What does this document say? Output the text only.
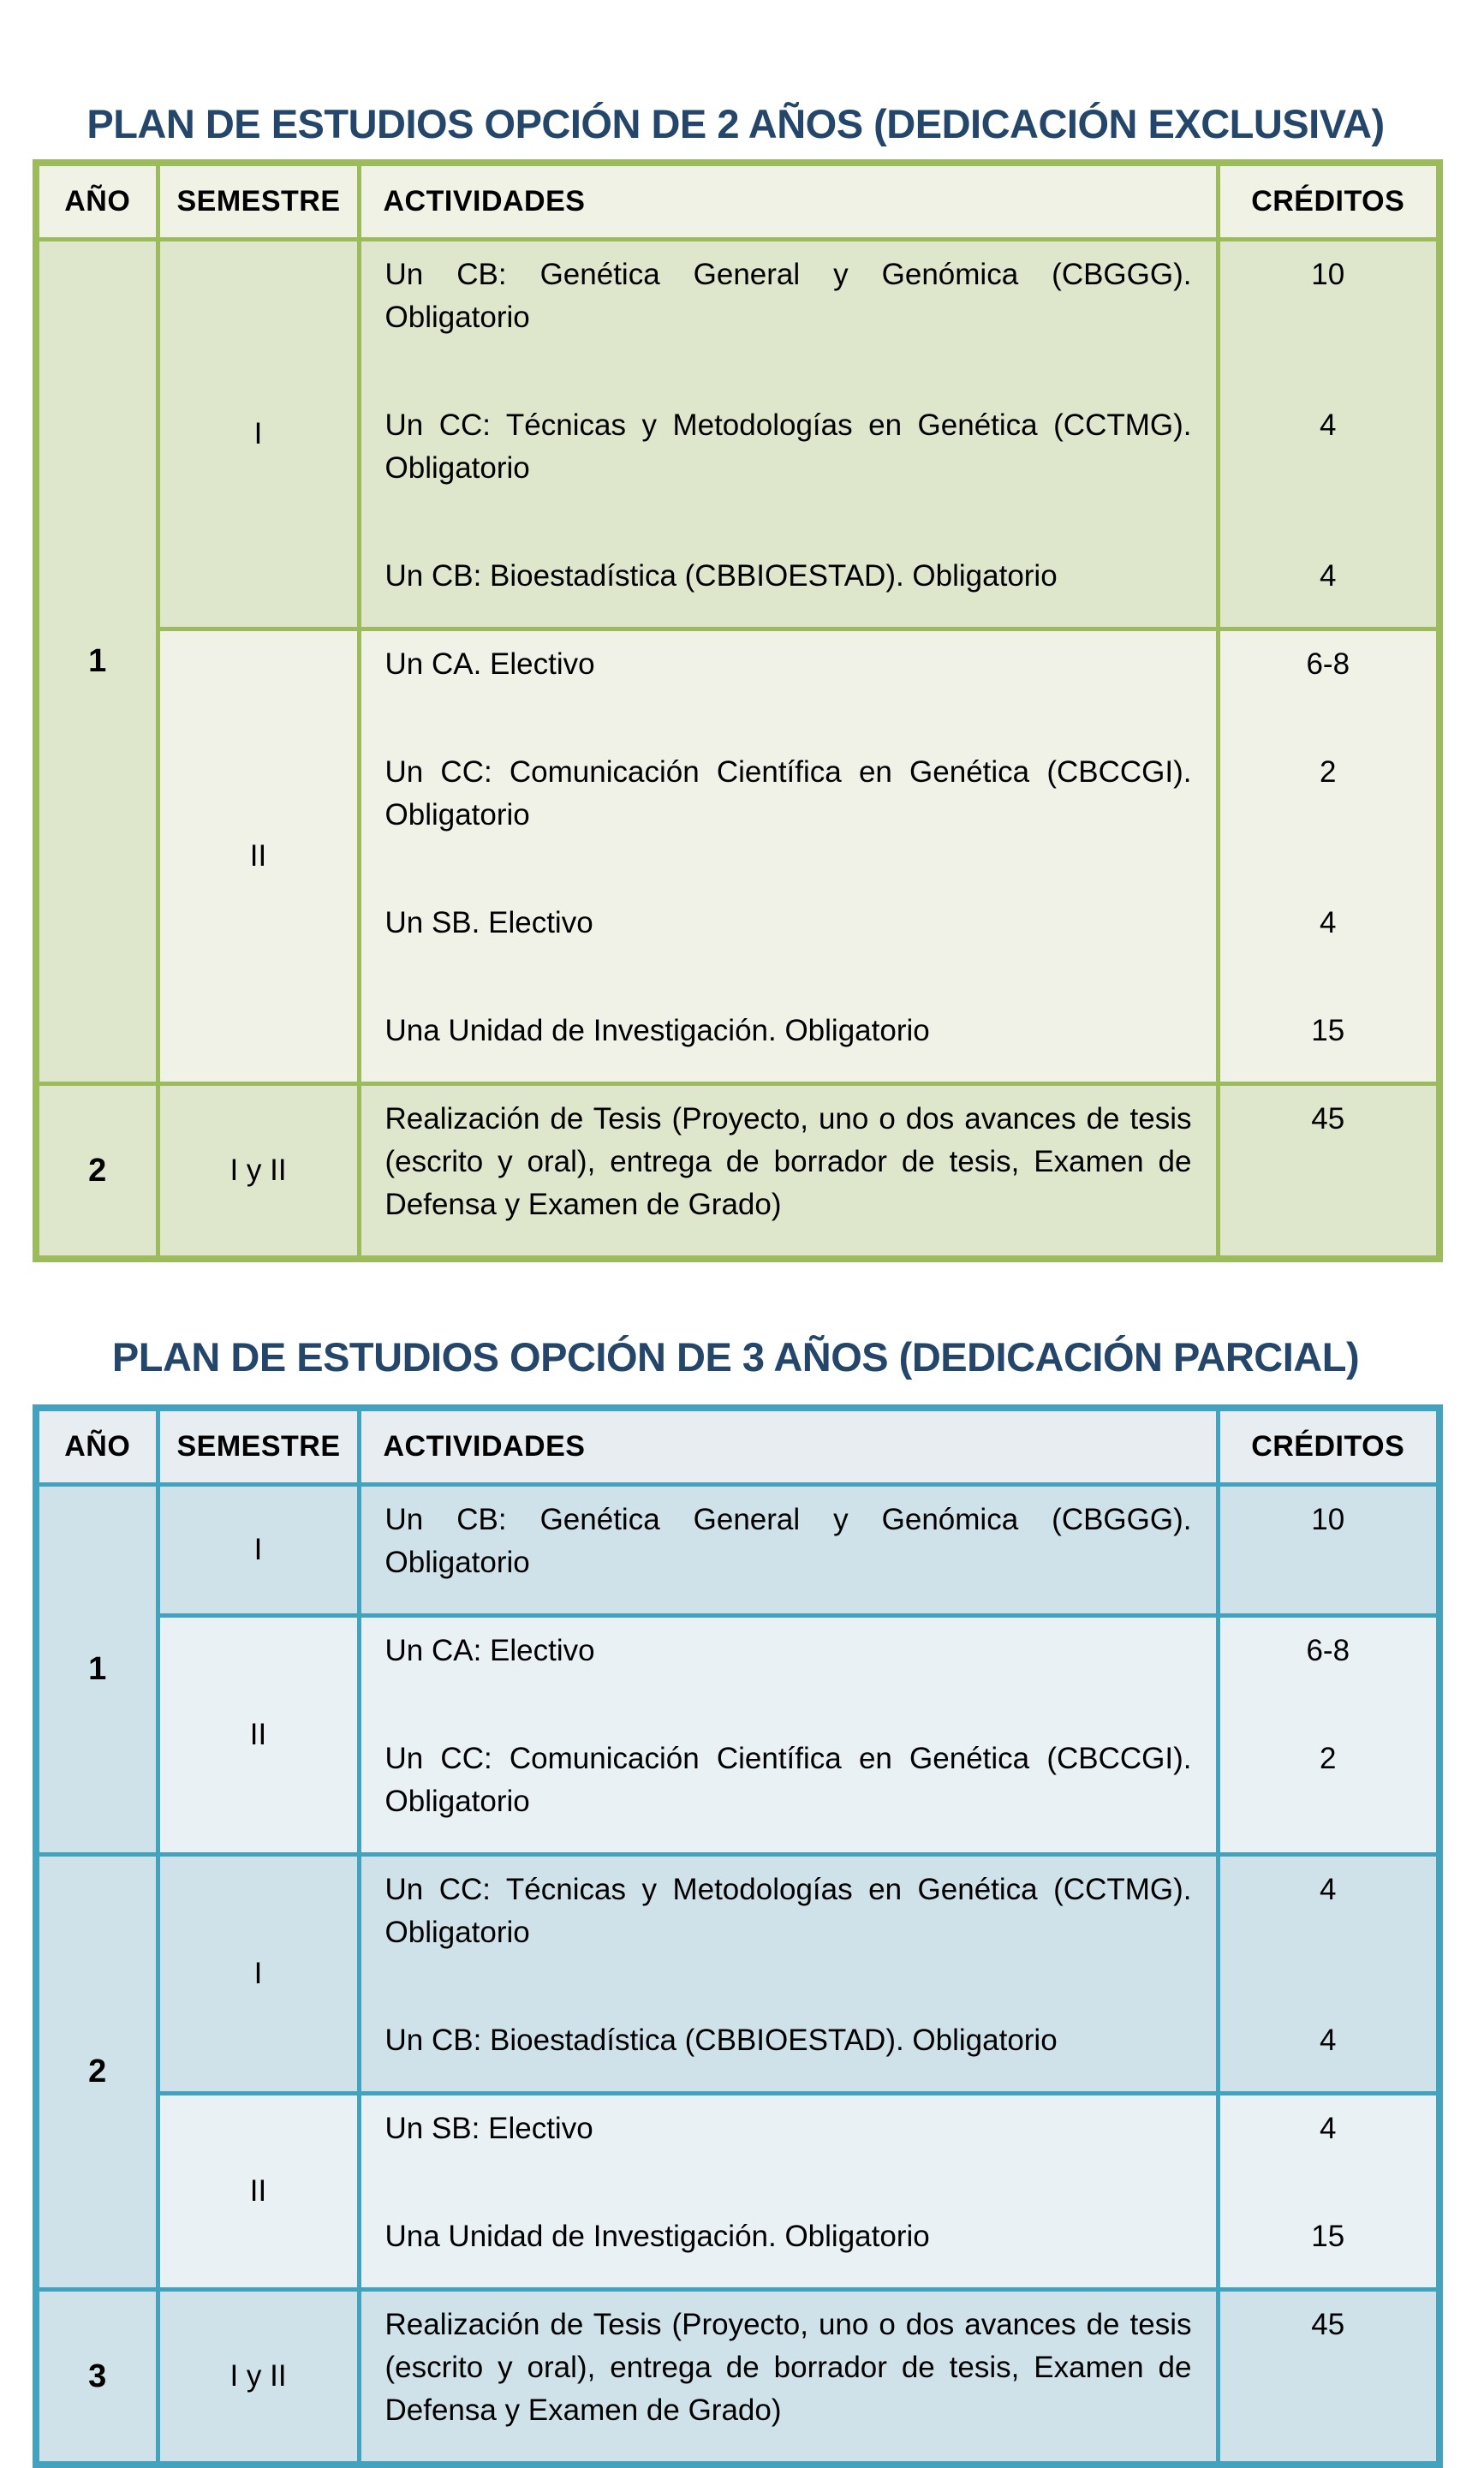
PLAN DE ESTUDIOS OPCIÓN DE 2 AÑOS (DEDICACIÓN EXCLUSIVA)
AÑO	SEMESTRE	ACTIVIDADES	CRÉDITOS
1	I	Un CB: Genética General y Genómica (CBGGG). Obligatorio	10
		Un CC: Técnicas y Metodologías en Genética (CCTMG). Obligatorio	4
		Un CB: Bioestadística (CBBIOESTAD). Obligatorio	4
	II	Un CA. Electivo	6-8
		Un CC: Comunicación Científica en Genética (CBCCGI). Obligatorio	2
		Un SB. Electivo	4
		Una Unidad de Investigación. Obligatorio	15
2	I y II	Realización de Tesis (Proyecto, uno o dos avances de tesis (escrito y oral), entrega de borrador de tesis, Examen de Defensa y Examen de Grado)	45
PLAN DE ESTUDIOS OPCIÓN DE 3 AÑOS (DEDICACIÓN PARCIAL)
AÑO	SEMESTRE	ACTIVIDADES	CRÉDITOS
1	I	Un CB: Genética General y Genómica (CBGGG). Obligatorio	10
	II	Un CA: Electivo	6-8
		Un CC: Comunicación Científica en Genética (CBCCGI). Obligatorio	2
2	I	Un CC: Técnicas y Metodologías en Genética (CCTMG). Obligatorio	4
		Un CB: Bioestadística (CBBIOESTAD). Obligatorio	4
	II	Un SB: Electivo	4
		Una Unidad de Investigación. Obligatorio	15
3	I y II	Realización de Tesis (Proyecto, uno o dos avances de tesis (escrito y oral), entrega de borrador de tesis, Examen de Defensa y Examen de Grado)	45
